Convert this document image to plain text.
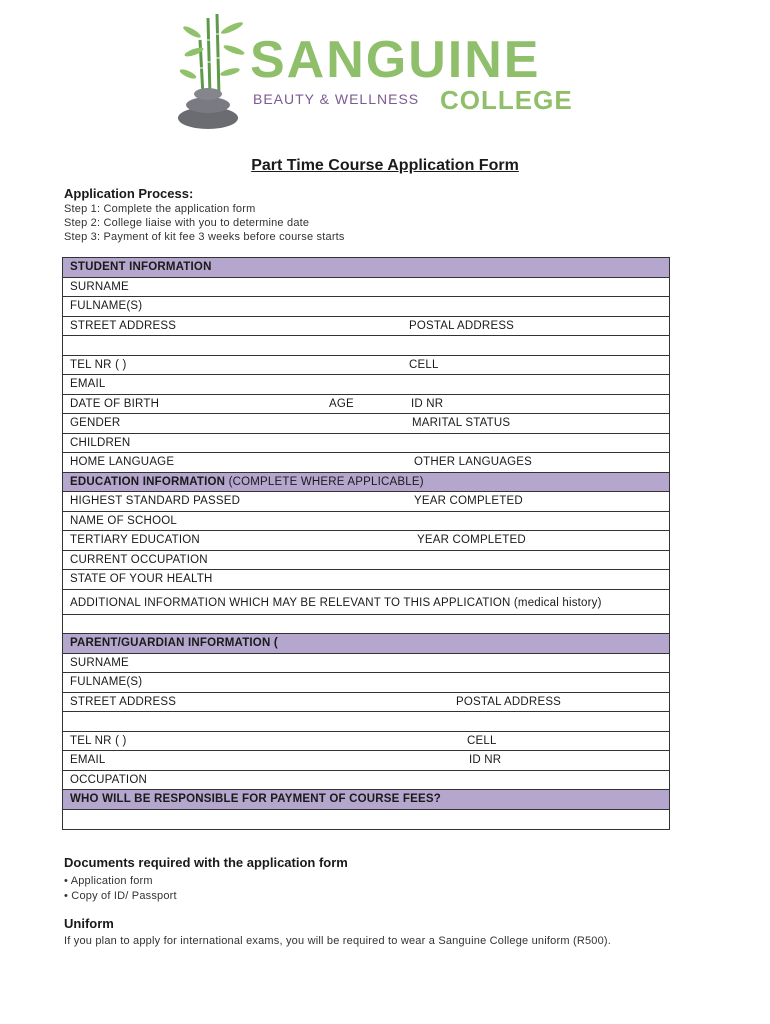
SANGUINE
BEAUTY & WELLNESS COLLEGE
Part Time Course Application Form
Application Process:
Step 1: Complete the application form
Step 2: College liaise with you to determine date
Step 3: Payment of kit fee 3 weeks before course starts
STUDENT INFORMATION
SURNAME
FULNAME(S)
STREET ADDRESS	POSTAL ADDRESS
TEL NR ( )	CELL
EMAIL
DATE OF BIRTH	AGE	ID NR
GENDER	MARITAL STATUS
CHILDREN
HOME LANGUAGE	OTHER LANGUAGES
EDUCATION INFORMATION (COMPLETE WHERE APPLICABLE)
HIGHEST STANDARD PASSED	YEAR COMPLETED
NAME OF SCHOOL
TERTIARY EDUCATION	YEAR COMPLETED
CURRENT OCCUPATION
STATE OF YOUR HEALTH
ADDITIONAL INFORMATION WHICH MAY BE RELEVANT TO THIS APPLICATION (medical history)
PARENT/GUARDIAN INFORMATION (
SURNAME
FULNAME(S)
STREET ADDRESS	POSTAL ADDRESS
TEL NR ( )	CELL
EMAIL	ID NR
OCCUPATION
WHO WILL BE RESPONSIBLE FOR PAYMENT OF COURSE FEES?
Documents required with the application form
• Application form
• Copy of ID/ Passport
Uniform
If you plan to apply for international exams, you will be required to wear a Sanguine College uniform (R500).
